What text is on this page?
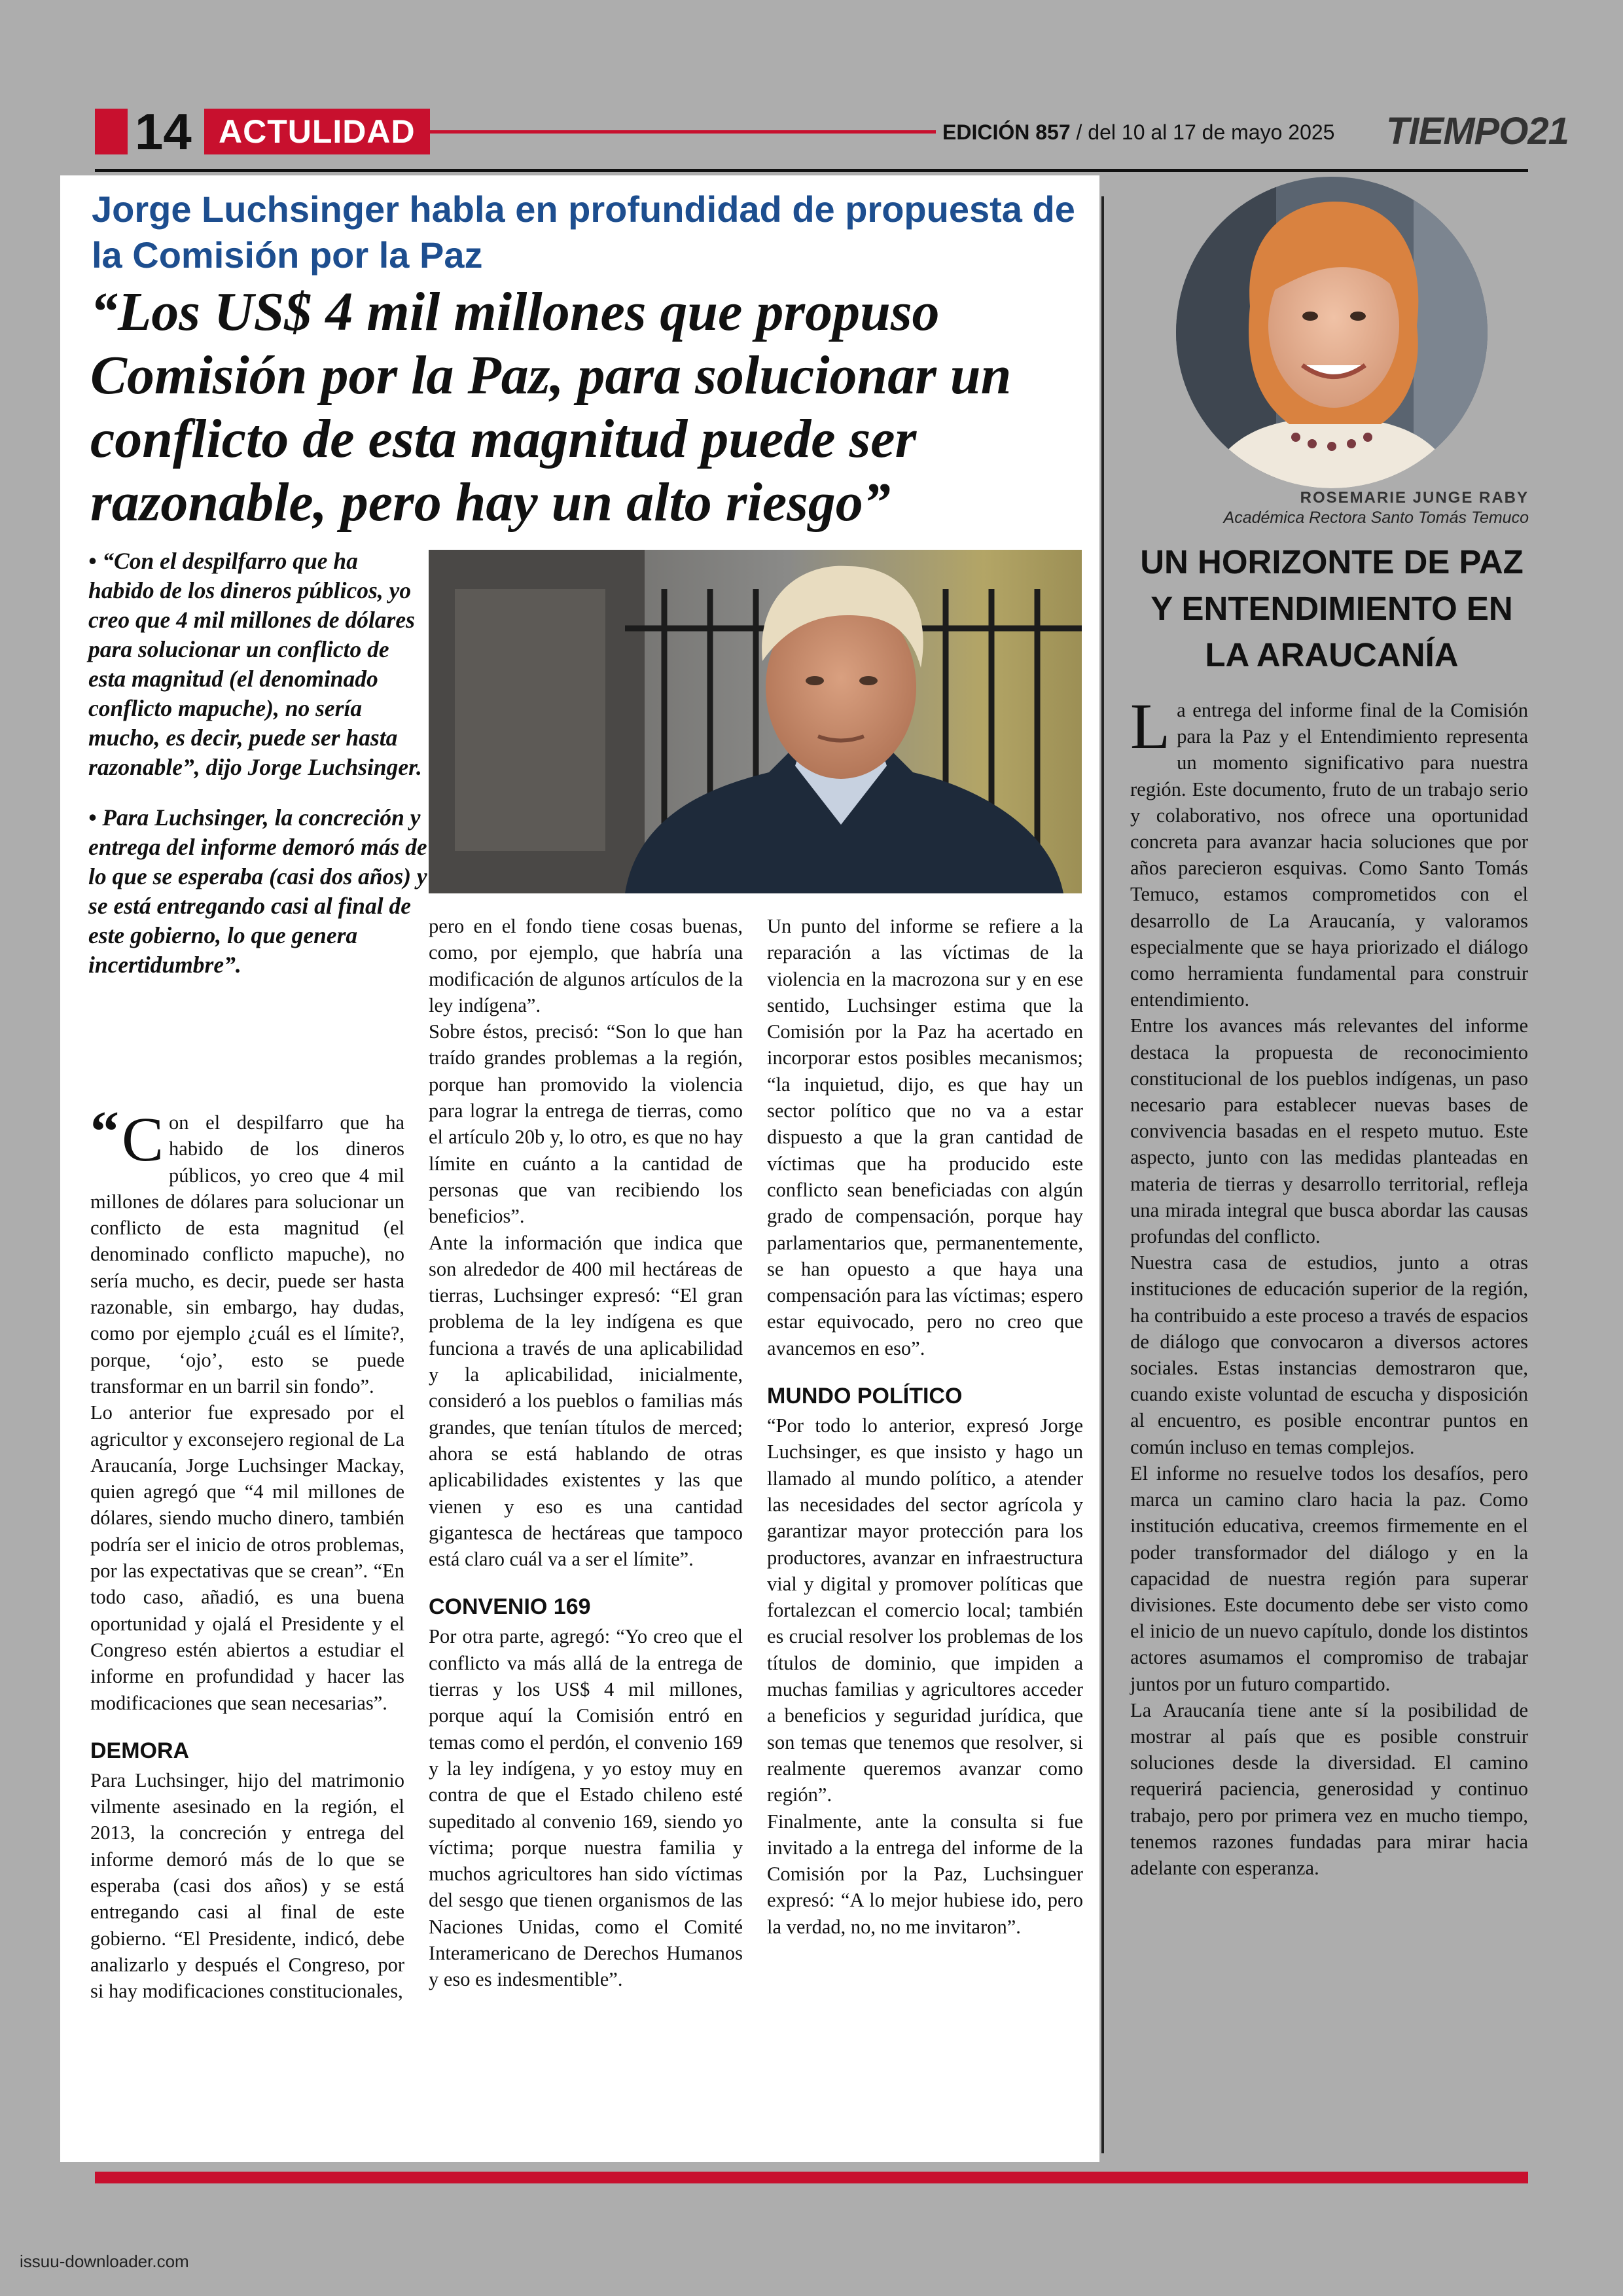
14 ACTULIDAD	EDICIÓN 857 / del 10 al 17 de mayo 2025 TIEMPO21
Jorge Luchsinger habla en profundidad de propuesta de la Comisión por la Paz
“Los US$ 4 mil millones que propuso Comisión por la Paz, para solucionar un conflicto de esta magnitud puede ser razonable, pero hay un alto riesgo”

• “Con el despilfarro que ha habido de los dineros públicos, yo creo que 4 mil millones de dólares para solucionar un conflicto de esta magnitud (el denominado conflicto mapuche), no sería mucho, es decir, puede ser hasta razonable”, dijo Jorge Luchsinger.

• Para Luchsinger, la concreción y entrega del informe demoró más de lo que se esperaba (casi dos años) y se está entregando casi al final de este gobierno, lo que genera incertidumbre”.

“ C on el despilfarro que ha habido de los dineros públicos, yo creo que 4 mil millones de dólares para solucionar un conflicto de esta magnitud (el denominado conflicto mapuche), no sería mucho, es decir, puede ser hasta razonable, sin embargo, hay dudas, como por ejemplo ¿cuál es el límite?, porque, ‘ojo’, esto se puede transformar en un barril sin fondo”.

Lo anterior fue expresado por el agricultor y exconsejero regional de La Araucanía, Jorge Luchsinger Mackay, quien agregó que “4 mil millones de dólares, siendo mucho dinero, también podría ser el inicio de otros problemas, por las expectativas que se crean”. “En todo caso, añadió, es una buena oportunidad y ojalá el Presidente y el Congreso estén abiertos a estudiar el informe en profundidad y hacer las modificaciones que sean necesarias”.

DEMORA

Para Luchsinger, hijo del matrimonio vilmente asesinado en la región, el 2013, la concreción y entrega del informe demoró más de lo que se esperaba (casi dos años) y se está entregando casi al final de este gobierno. “El Presidente, indicó, debe analizarlo y después el Congreso, por si hay modificaciones constitucionales,

pero en el fondo tiene cosas buenas, como, por ejemplo, que habría una modificación de algunos artículos de la ley indígena”.

Sobre éstos, precisó: “Son lo que han traído grandes problemas a la región, porque han promovido la violencia para lograr la entrega de tierras, como el artículo 20b y, lo otro, es que no hay límite en cuánto a la cantidad de personas que van recibiendo los beneficios”.

Ante la información que indica que son alrededor de 400 mil hectáreas de tierras, Luchsinger expresó: “El gran problema de la ley indígena es que funciona a través de una aplicabilidad y la aplicabilidad, inicialmente, consideró a los pueblos o familias más grandes, que tenían títulos de merced; ahora se está hablando de otras aplicabilidades existentes y las que vienen y eso es una cantidad gigantesca de hectáreas que tampoco está claro cuál va a ser el límite”.

CONVENIO 169

Por otra parte, agregó: “Yo creo que el conflicto va más allá de la entrega de tierras y los US$ 4 mil millones, porque aquí la Comisión entró en temas como el perdón, el convenio 169 y la ley indígena, y yo estoy muy en contra de que el Estado chileno esté supeditado al convenio 169, siendo yo víctima; porque nuestra familia y muchos agricultores han sido víctimas del sesgo que tienen organismos de las Naciones Unidas, como el Comité Interamericano de Derechos Humanos y eso es indesmentible”.

Un punto del informe se refiere a la reparación a las víctimas de la violencia en la macrozona sur y en ese sentido, Luchsinger estima que la Comisión por la Paz ha acertado en incorporar estos posibles mecanismos; “la inquietud, dijo, es que hay un sector político que no va a estar dispuesto a que la gran cantidad de víctimas que ha producido este conflicto sean beneficiadas con algún grado de compensación, porque hay parlamentarios que, permanentemente, se han opuesto a que haya una compensación para las víctimas; espero estar equivocado, pero no creo que avancemos en eso”.

MUNDO POLÍTICO

“Por todo lo anterior, expresó Jorge Luchsinger, es que insisto y hago un llamado al mundo político, a atender las necesidades del sector agrícola y garantizar mayor protección para los productores, avanzar en infraestructura vial y digital y promover políticas que fortalezcan el comercio local; también es crucial resolver los problemas de los títulos de dominio, que impiden a muchas familias y agricultores acceder a beneficios y seguridad jurídica, que son temas que tenemos que resolver, si realmente queremos avanzar como región”.

Finalmente, ante la consulta si fue invitado a la entrega del informe de la Comisión por la Paz, Luchsinguer expresó: “A lo mejor hubiese ido, pero la verdad, no, no me invitaron”.

ROSEMARIE JUNGE RABY
Académica Rectora Santo Tomás Temuco
UN HORIZONTE DE PAZ Y ENTENDIMIENTO EN LA ARAUCANÍA

La entrega del informe final de la Comisión para la Paz y el Entendimiento representa un momento significativo para nuestra región. Este documento, fruto de un trabajo serio y colaborativo, nos ofrece una oportunidad concreta para avanzar hacia soluciones que por años parecieron esquivas. Como Santo Tomás Temuco, estamos comprometidos con el desarrollo de La Araucanía, y valoramos especialmente que se haya priorizado el diálogo como herramienta fundamental para construir entendimiento.

Entre los avances más relevantes del informe destaca la propuesta de reconocimiento constitucional de los pueblos indígenas, un paso necesario para establecer nuevas bases de convivencia basadas en el respeto mutuo. Este aspecto, junto con las medidas planteadas en materia de tierras y desarrollo territorial, refleja una mirada integral que busca abordar las causas profundas del conflicto.

Nuestra casa de estudios, junto a otras instituciones de educación superior de la región, ha contribuido a este proceso a través de espacios de diálogo que convocaron a diversos actores sociales. Estas instancias demostraron que, cuando existe voluntad de escucha y disposición al encuentro, es posible encontrar puntos en común incluso en temas complejos.

El informe no resuelve todos los desafíos, pero marca un camino claro hacia la paz. Como institución educativa, creemos firmemente en el poder transformador del diálogo y en la capacidad de nuestra región para superar divisiones. Este documento debe ser visto como el inicio de un nuevo capítulo, donde los distintos actores asumamos el compromiso de trabajar juntos por un futuro compartido.

La Araucanía tiene ante sí la posibilidad de mostrar al país que es posible construir soluciones desde la diversidad. El camino requerirá paciencia, generosidad y continuo trabajo, pero por primera vez en mucho tiempo, tenemos razones fundadas para mirar hacia adelante con esperanza.

issuu-downloader.com
